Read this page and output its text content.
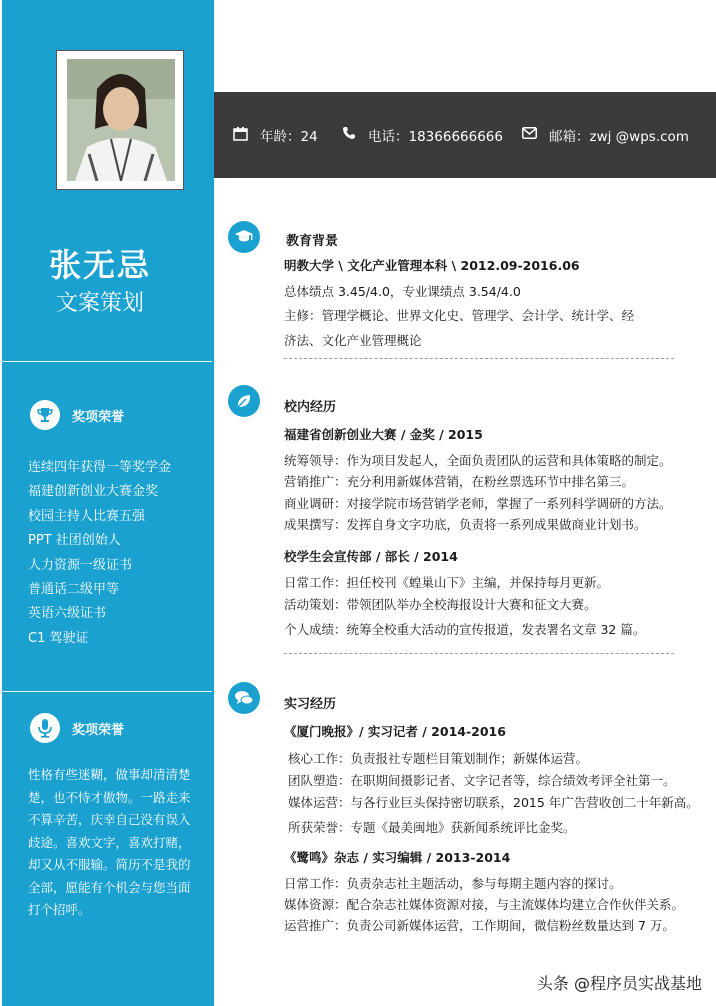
张无忌
文案策划
年龄：24	电话：18366666666	邮箱：zwj @wps.com
奖项荣誉
连续四年获得一等奖学金
福建创新创业大赛金奖
校园主持人比赛五强
PPT 社团创始人
人力资源一级证书
普通话二级甲等
英语六级证书
C1 驾驶证
奖项荣誉
性格有些迷糊，做事却清清楚楚，也不恃才傲物。一路走来不算辛苦，庆幸自己没有误入歧途。喜欢文字，喜欢打赌，却又从不服输。简历不是我的全部，愿能有个机会与您当面打个招呼。
教育背景
明教大学 \ 文化产业管理本科 \ 2012.09-2016.06
总体绩点 3.45/4.0，专业课绩点 3.54/4.0
主修：管理学概论、世界文化史、管理学、会计学、统计学、经
济法、文化产业管理概论
校内经历
福建省创新创业大赛 / 金奖 / 2015
统筹领导：作为项目发起人，全面负责团队的运营和具体策略的制定。
营销推广：充分利用新媒体营销，在粉丝票选环节中排名第三。
商业调研：对接学院市场营销学老师，掌握了一系列科学调研的方法。
成果撰写：发挥自身文字功底，负责将一系列成果做商业计划书。
校学生会宣传部 / 部长 / 2014
日常工作：担任校刊《蝗巢山下》主编，并保持每月更新。
活动策划：带领团队举办全校海报设计大赛和征文大赛。
个人成绩：统筹全校重大活动的宣传报道，发表署名文章 32 篇。
实习经历
《厦门晚报》/ 实习记者 / 2014-2016
核心工作：负责报社专题栏目策划制作；新媒体运营。
团队塑造：在职期间摄影记者、文字记者等，综合绩效考评全社第一。
媒体运营：与各行业巨头保持密切联系，2015 年广告营收创二十年新高。
所获荣誉：专题《最美闽地》获新闻系统评比金奖。
《鹭鸣》杂志 / 实习编辑 / 2013-2014
日常工作：负责杂志社主题活动，参与每期主题内容的探讨。
媒体资源：配合杂志社媒体资源对接，与主流媒体均建立合作伙伴关系。
运营推广：负责公司新媒体运营，工作期间，微信粉丝数量达到 7 万。
头条 @程序员实战基地
